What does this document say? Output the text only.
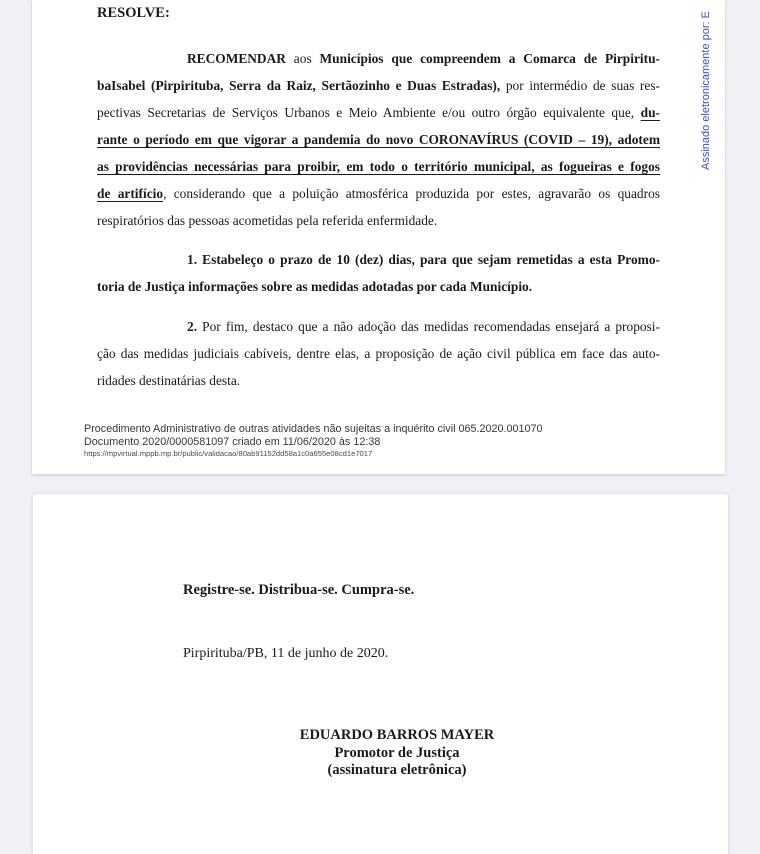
RESOLVE:
RECOMENDAR aos Municípios que compreendem a Comarca de Pirpiritu-
baIsabel (Pirpirituba, Serra da Raiz, Sertãozinho e Duas Estradas), por intermédio de suas res-
pectivas Secretarias de Serviços Urbanos e Meio Ambiente e/ou outro órgão equivalente que, du-
rante o período em que vigorar a pandemia do novo CORONAVÍRUS (COVID – 19), adotem
as providências necessárias para proibir, em todo o território municipal, as fogueiras e fogos
de artifício, considerando que a poluição atmosférica produzida por estes, agravarão os quadros
respiratórios das pessoas acometidas pela referida enfermidade.
1. Estabeleço o prazo de 10 (dez) dias, para que sejam remetidas a esta Promo-
toria de Justiça informações sobre as medidas adotadas por cada Município.
2. Por fim, destaco que a não adoção das medidas recomendadas ensejará a proposi-
ção das medidas judiciais cabíveis, dentre elas, a proposição de ação civil pública em face das auto-
ridades destinatárias desta.
Procedimento Administrativo de outras atividades não sujeitas a inquérito civil 065.2020.001070
Documento 2020/0000581097 criado em 11/06/2020 às 12:38
https://mpvirtual.mppb.mp.br/public/validacao/80ab91152dd58a1c0a655e08cd1e7017
Assinado eletronicamente por: E
Registre-se. Distribua-se. Cumpra-se.
Pirpirituba/PB, 11 de junho de 2020.
EDUARDO BARROS MAYER
Promotor de Justiça
(assinatura eletrônica)
